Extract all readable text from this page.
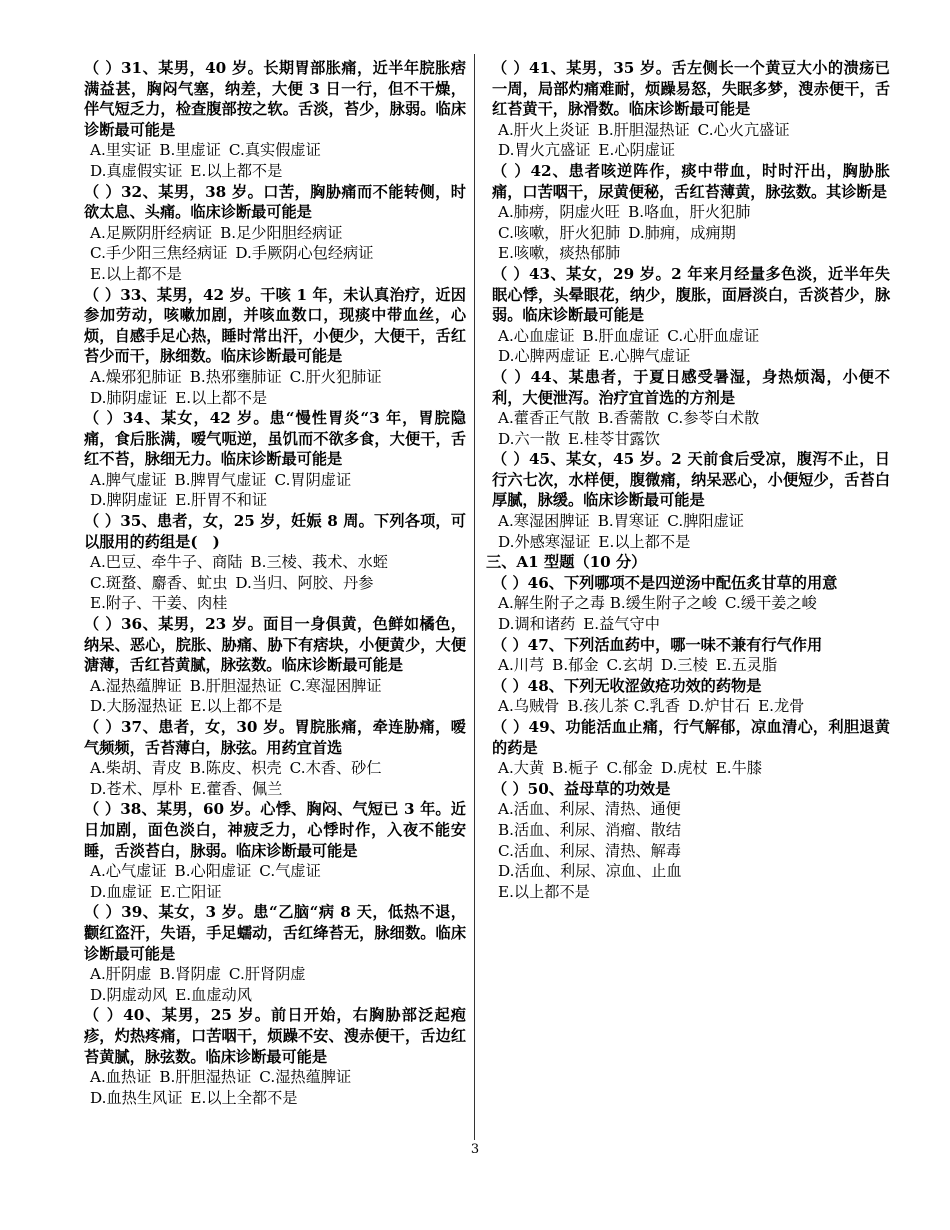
（ ）31、某男，40 岁。长期胃部胀痛，近半年脘胀痞满益甚，胸闷气塞，纳差，大便 3 日一行，但不干燥，伴气短乏力，检查腹部按之软。舌淡，苔少，脉弱。临床诊断最可能是
A.里实证 B.里虚证 C.真实假虚证
D.真虚假实证 E.以上都不是
（ ）32、某男，38 岁。口苦，胸胁痛而不能转侧，时欲太息、头痛。临床诊断最可能是
A.足厥阴肝经病证 B.足少阳胆经病证
C.手少阳三焦经病证 D.手厥阴心包经病证
E.以上都不是
（ ）33、某男，42 岁。干咳 1 年，未认真治疗，近因参加劳动，咳嗽加剧，并咳血数口，现痰中带血丝，心烦，自感手足心热，睡时常出汗，小便少，大便干，舌红苔少而干，脉细数。临床诊断最可能是
A.燥邪犯肺证 B.热邪壅肺证 C.肝火犯肺证
D.肺阴虚证 E.以上都不是
（ ）34、某女，42 岁。患“慢性胃炎“3 年，胃脘隐痛，食后胀满，嗳气呃逆，虽饥而不欲多食，大便干，舌红不苔，脉细无力。临床诊断最可能是
A.脾气虚证 B.脾胃气虚证 C.胃阴虚证
D.脾阴虚证 E.肝胃不和证
（ ）35、患者，女，25 岁，妊娠 8 周。下列各项，可以服用的药组是(　)
A.巴豆、牵牛子、商陆 B.三棱、莪术、水蛭
C.斑蝥、麝香、虻虫 D.当归、阿胶、丹参
E.附子、干姜、肉桂
（ ）36、某男，23 岁。面目一身俱黄，色鲜如橘色，纳呆、恶心，脘胀、胁痛、胁下有痞块，小便黄少，大便溏薄，舌红苔黄腻，脉弦数。临床诊断最可能是
A.湿热蕴脾证 B.肝胆湿热证 C.寒湿困脾证
D.大肠湿热证 E.以上都不是
（ ）37、患者，女，30 岁。胃脘胀痛，牵连胁痛，嗳气频频，舌苔薄白，脉弦。用药宜首选
A.柴胡、青皮 B.陈皮、枳壳 C.木香、砂仁
D.苍术、厚朴 E.藿香、佩兰
（ ）38、某男，60 岁。心悸、胸闷、气短已 3 年。近日加剧，面色淡白，神疲乏力，心悸时作，入夜不能安睡，舌淡苔白，脉弱。临床诊断最可能是
A.心气虚证 B.心阳虚证 C.气虚证
D.血虚证 E.亡阳证
（ ）39、某女，3 岁。患“乙脑“病 8 天，低热不退，颧红盗汗，失语，手足蠕动，舌红绛苔无，脉细数。临床诊断最可能是
A.肝阴虚 B.肾阴虚 C.肝肾阴虚
D.阴虚动风 E.血虚动风
（ ）40、某男，25 岁。前日开始，右胸胁部泛起疱疹，灼热疼痛，口苦咽干，烦躁不安、溲赤便干，舌边红苔黄腻，脉弦数。临床诊断最可能是
A.血热证 B.肝胆湿热证 C.湿热蕴脾证
D.血热生风证 E.以上全都不是
（ ）41、某男，35 岁。舌左侧长一个黄豆大小的溃疡已一周，局部灼痛难耐，烦躁易怒，失眠多梦，溲赤便干，舌红苔黄干，脉滑数。临床诊断最可能是
A.肝火上炎证 B.肝胆湿热证 C.心火亢盛证
D.胃火亢盛证 E.心阴虚证
（ ）42、患者咳逆阵作，痰中带血，时时汗出，胸胁胀痛，口苦咽干，尿黄便秘，舌红苔薄黄，脉弦数。其诊断是
A.肺痨，阴虚火旺 B.咯血，肝火犯肺
C.咳嗽，肝火犯肺 D.肺痈，成痈期
E.咳嗽，痰热郁肺
（ ）43、某女，29 岁。2 年来月经量多色淡，近半年失眠心悸，头晕眼花，纳少，腹胀，面唇淡白，舌淡苔少，脉弱。临床诊断最可能是
A.心血虚证 B.肝血虚证 C.心肝血虚证
D.心脾两虚证 E.心脾气虚证
（ ）44、某患者，于夏日感受暑湿，身热烦渴，小便不利，大便泄泻。治疗宜首选的方剂是
A.藿香正气散 B.香薷散 C.参苓白术散
D.六一散 E.桂苓甘露饮
（ ）45、某女，45 岁。2 天前食后受凉，腹泻不止，日行六七次，水样便，腹微痛，纳呆恶心，小便短少，舌苔白厚腻，脉缓。临床诊断最可能是
A.寒湿困脾证 B.胃寒证 C.脾阳虚证
D.外感寒湿证 E.以上都不是
三、A1 型题（10 分）
（ ）46、下列哪项不是四逆汤中配伍炙甘草的用意
A.解生附子之毒 B.缓生附子之峻 C.缓干姜之峻
D.调和诸药 E.益气守中
（ ）47、下列活血药中，哪一味不兼有行气作用
A.川芎 B.郁金 C.玄胡 D.三棱 E.五灵脂
（ ）48、下列无收涩敛疮功效的药物是
A.乌贼骨 B.孩儿茶 C.乳香 D.炉甘石 E.龙骨
（ ）49、功能活血止痛，行气解郁，凉血清心，利胆退黄的药是
A.大黄 B.栀子 C.郁金 D.虎杖 E.牛膝
（ ）50、益母草的功效是
A.活血、利尿、清热、通便
B.活血、利尿、消瘤、散结
C.活血、利尿、清热、解毒
D.活血、利尿、凉血、止血
E.以上都不是
3
